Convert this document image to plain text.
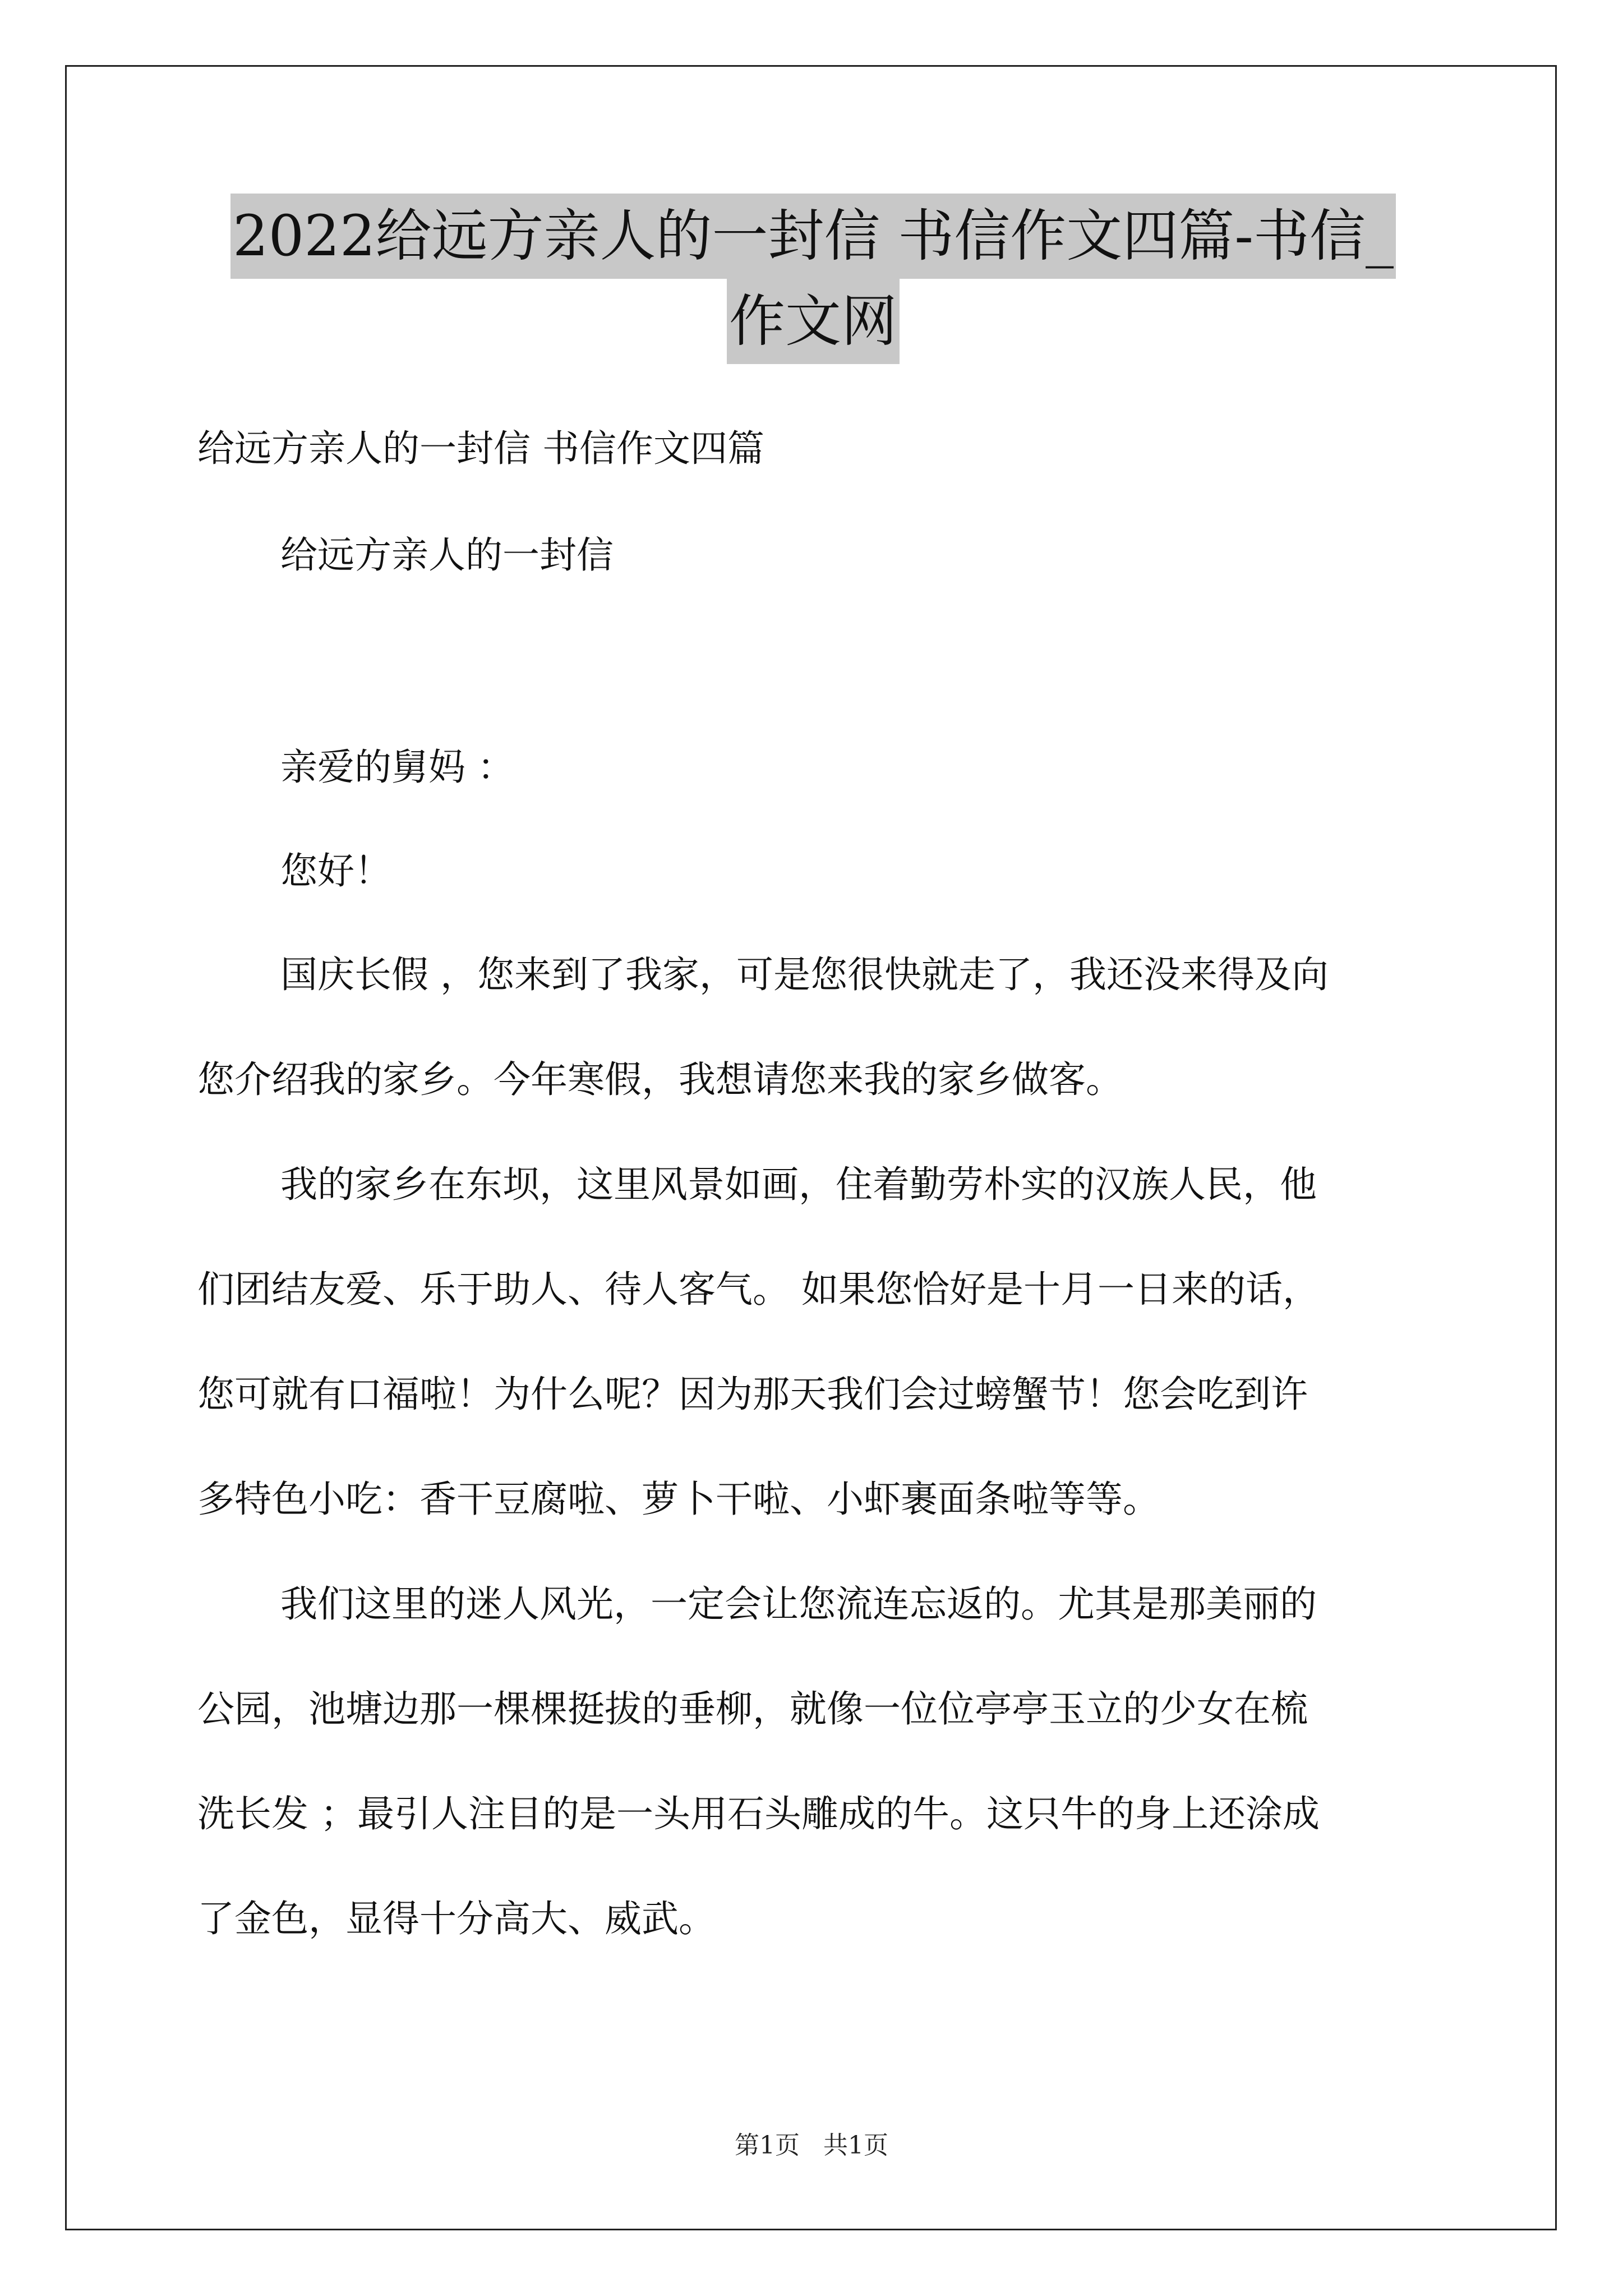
2022给远方亲人的一封信 书信作文四篇-书信_
作文网
给远方亲人的一封信 书信作文四篇
给远方亲人的一封信
亲爱的舅妈 ：
您好！
国庆长假 ，您来到了我家，可是您很快就走了，我还没来得及向
您介绍我的家乡。今年寒假，我想请您来我的家乡做客。
我的家乡在东坝，这里风景如画，住着勤劳朴实的汉族人民，他
们团结友爱、乐于助人、待人客气。 如果您恰好是十月一日来的话，
您可就有口福啦！为什么呢？因为那天我们会过螃蟹节！您会吃到许
多特色小吃：香干豆腐啦、萝卜干啦、小虾裹面条啦等等。
我们这里的迷人风光，一定会让您流连忘返的。尤其是那美丽的
公园，池塘边那一棵棵挺拔的垂柳，就像一位位亭亭玉立的少女在梳
洗长发 ；最引人注目的是一头用石头雕成的牛。这只牛的身上还涂成
了金色，显得十分高大、威武。
第1页 共1页
